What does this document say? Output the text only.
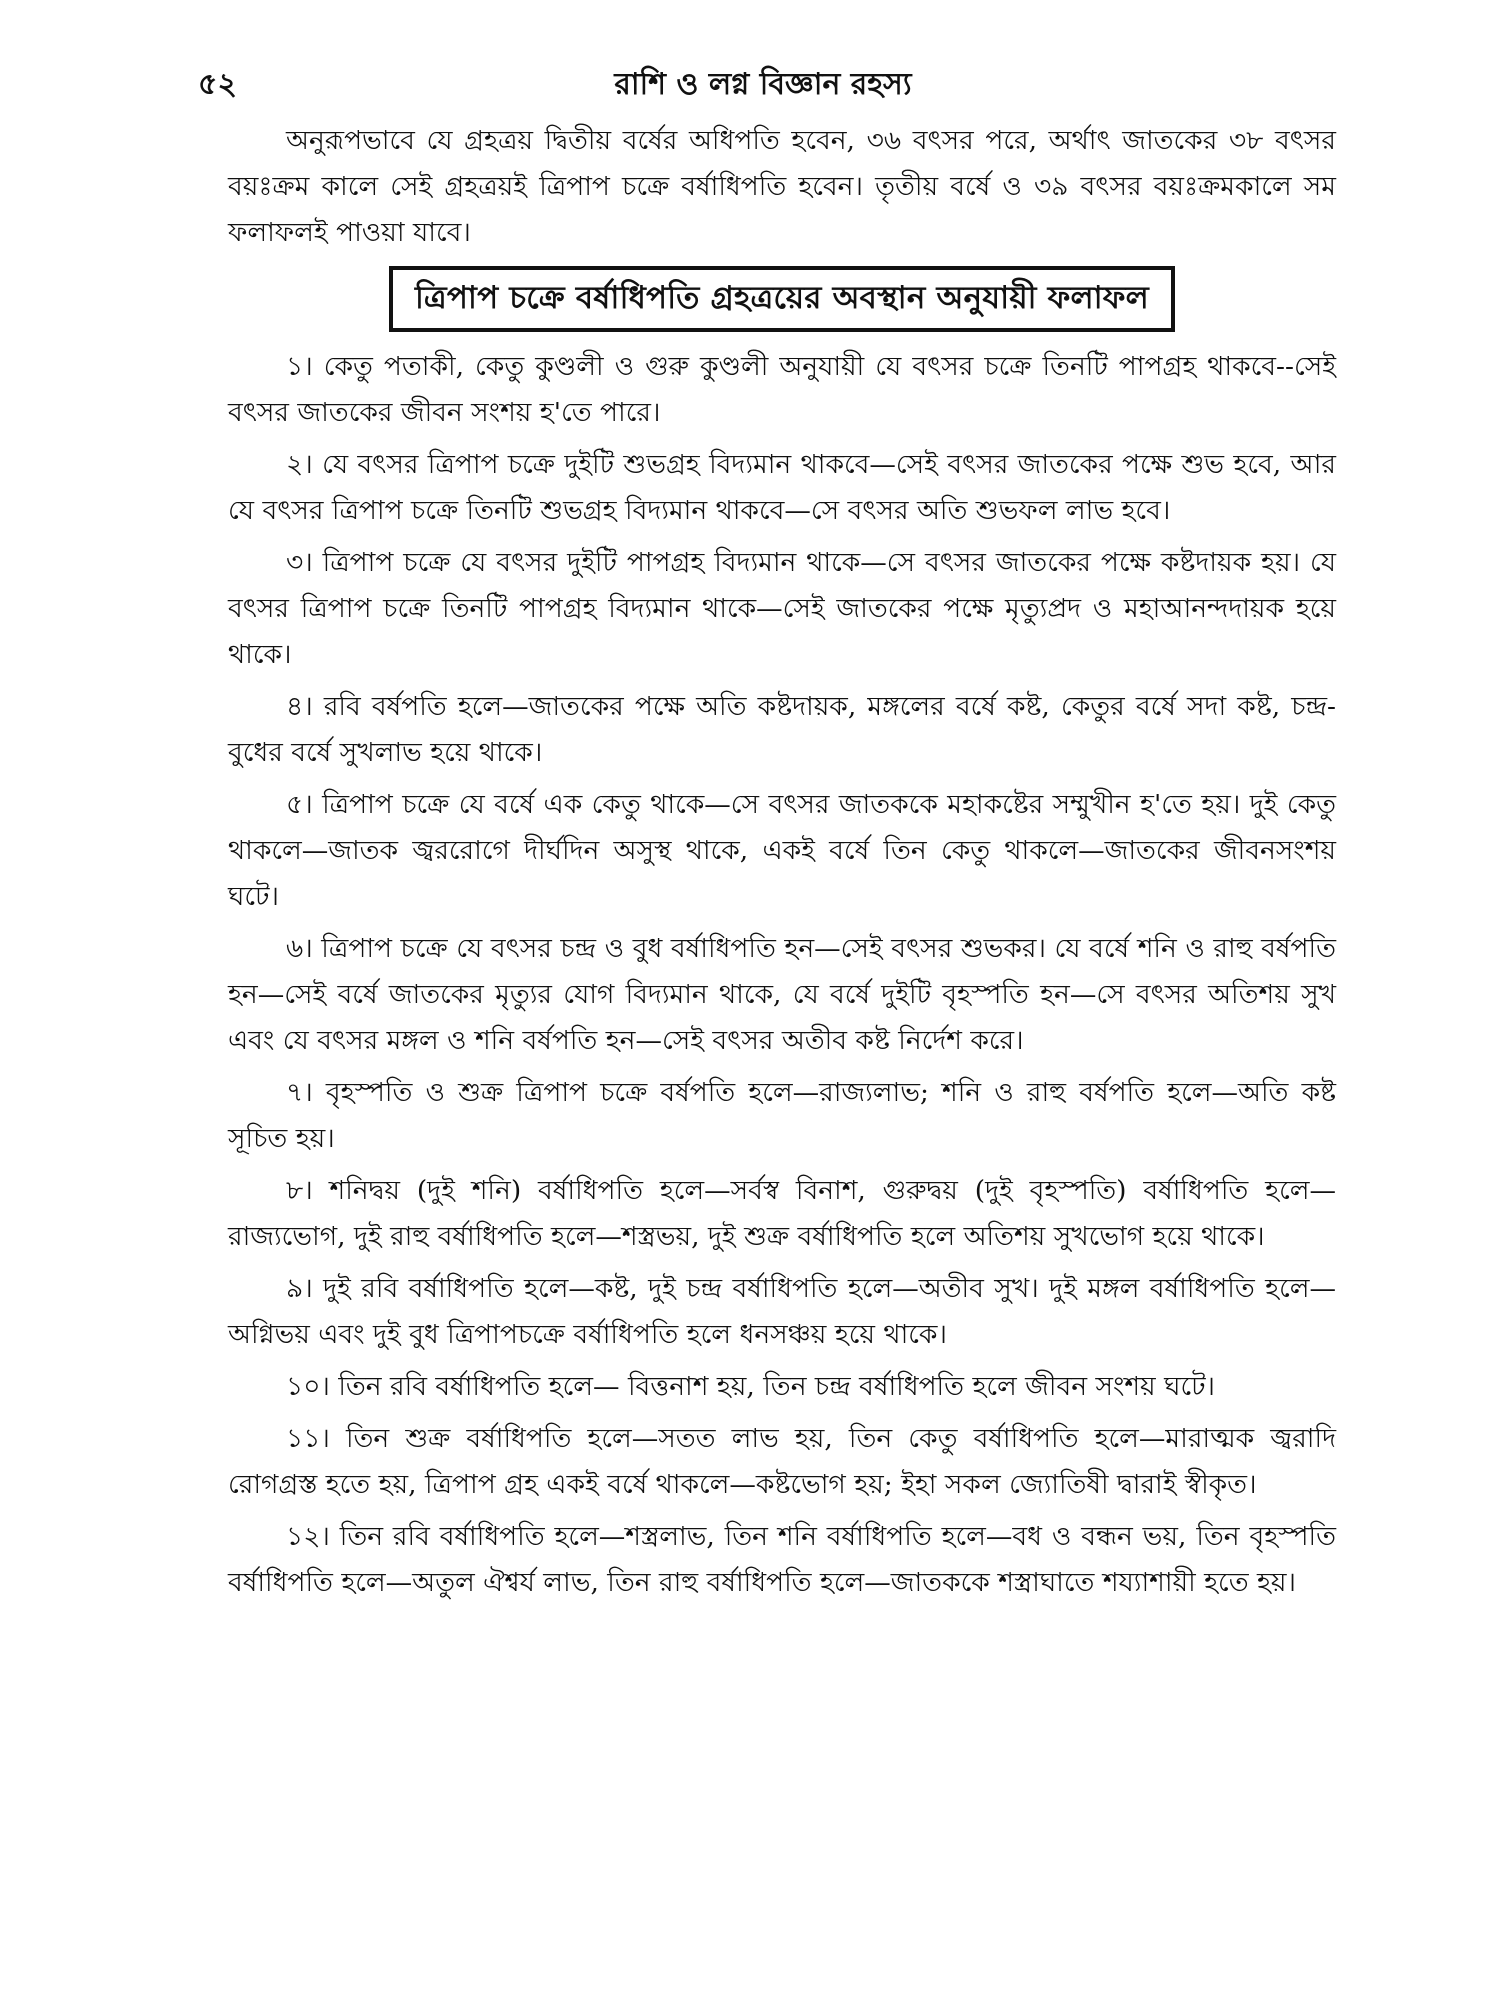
৫২	রাশি ও লগ্ন বিজ্ঞান রহস্য

অনুরূপভাবে যে গ্রহত্রয় দ্বিতীয় বর্ষের অধিপতি হবেন, ৩৬ বৎসর পরে, অর্থাৎ জাতকের ৩৮ বৎসর বয়ঃক্রম কালে সেই গ্রহত্রয়ই ত্রিপাপ চক্রে বর্ষাধিপতি হবেন। তৃতীয় বর্ষে ও ৩৯ বৎসর বয়ঃক্রমকালে সম ফলাফলই পাওয়া যাবে।

ত্রিপাপ চক্রে বর্ষাধিপতি গ্রহত্রয়ের অবস্থান অনুযায়ী ফলাফল

১। কেতু পতাকী, কেতু কুণ্ডলী ও গুরু কুণ্ডলী অনুযায়ী যে বৎসর চক্রে তিনটি পাপগ্রহ থাকবে--সেই বৎসর জাতকের জীবন সংশয় হ'তে পারে।

২। যে বৎসর ত্রিপাপ চক্রে দুইটি শুভগ্রহ বিদ্যমান থাকবে—সেই বৎসর জাতকের পক্ষে শুভ হবে, আর যে বৎসর ত্রিপাপ চক্রে তিনটি শুভগ্রহ বিদ্যমান থাকবে—সে বৎসর অতি শুভফল লাভ হবে।

৩। ত্রিপাপ চক্রে যে বৎসর দুইটি পাপগ্রহ বিদ্যমান থাকে—সে বৎসর জাতকের পক্ষে কষ্টদায়ক হয়। যে বৎসর ত্রিপাপ চক্রে তিনটি পাপগ্রহ বিদ্যমান থাকে—সেই জাতকের পক্ষে মৃত্যুপ্রদ ও মহাআনন্দদায়ক হয়ে থাকে।

৪। রবি বর্ষপতি হলে—জাতকের পক্ষে অতি কষ্টদায়ক, মঙ্গলের বর্ষে কষ্ট, কেতুর বর্ষে সদা কষ্ট, চন্দ্র-বুধের বর্ষে সুখলাভ হয়ে থাকে।

৫। ত্রিপাপ চক্রে যে বর্ষে এক কেতু থাকে—সে বৎসর জাতককে মহাকষ্টের সম্মুখীন হ'তে হয়। দুই কেতু থাকলে—জাতক জ্বররোগে দীর্ঘদিন অসুস্থ থাকে, একই বর্ষে তিন কেতু থাকলে—জাতকের জীবনসংশয় ঘটে।

৬। ত্রিপাপ চক্রে যে বৎসর চন্দ্র ও বুধ বর্ষাধিপতি হন—সেই বৎসর শুভকর। যে বর্ষে শনি ও রাহু বর্ষপতি হন—সেই বর্ষে জাতকের মৃত্যুর যোগ বিদ্যমান থাকে, যে বর্ষে দুইটি বৃহস্পতি হন—সে বৎসর অতিশয় সুখ এবং যে বৎসর মঙ্গল ও শনি বর্ষপতি হন—সেই বৎসর অতীব কষ্ট নির্দেশ করে।

৭। বৃহস্পতি ও শুক্র ত্রিপাপ চক্রে বর্ষপতি হলে—রাজ্যলাভ; শনি ও রাহু বর্ষপতি হলে—অতি কষ্ট সূচিত হয়।

৮। শনিদ্বয় (দুই শনি) বর্ষাধিপতি হলে—সর্বস্ব বিনাশ, গুরুদ্বয় (দুই বৃহস্পতি) বর্ষাধিপতি হলে—রাজ্যভোগ, দুই রাহু বর্ষাধিপতি হলে—শস্ত্রভয়, দুই শুক্র বর্ষাধিপতি হলে অতিশয় সুখভোগ হয়ে থাকে।

৯। দুই রবি বর্ষাধিপতি হলে—কষ্ট, দুই চন্দ্র বর্ষাধিপতি হলে—অতীব সুখ। দুই মঙ্গল বর্ষাধিপতি হলে—অগ্নিভয় এবং দুই বুধ ত্রিপাপচক্রে বর্ষাধিপতি হলে ধনসঞ্চয় হয়ে থাকে।

১০। তিন রবি বর্ষাধিপতি হলে— বিত্তনাশ হয়, তিন চন্দ্র বর্ষাধিপতি হলে জীবন সংশয় ঘটে।

১১। তিন শুক্র বর্ষাধিপতি হলে—সতত লাভ হয়, তিন কেতু বর্ষাধিপতি হলে—মারাত্মক জ্বরাদি রোগগ্রস্ত হতে হয়, ত্রিপাপ গ্রহ একই বর্ষে থাকলে—কষ্টভোগ হয়; ইহা সকল জ্যোতিষী দ্বারাই স্বীকৃত।

১২। তিন রবি বর্ষাধিপতি হলে—শস্ত্রলাভ, তিন শনি বর্ষাধিপতি হলে—বধ ও বন্ধন ভয়, তিন বৃহস্পতি বর্ষাধিপতি হলে—অতুল ঐশ্বর্য লাভ, তিন রাহু বর্ষাধিপতি হলে—জাতককে শস্ত্রাঘাতে শয্যাশায়ী হতে হয়।
